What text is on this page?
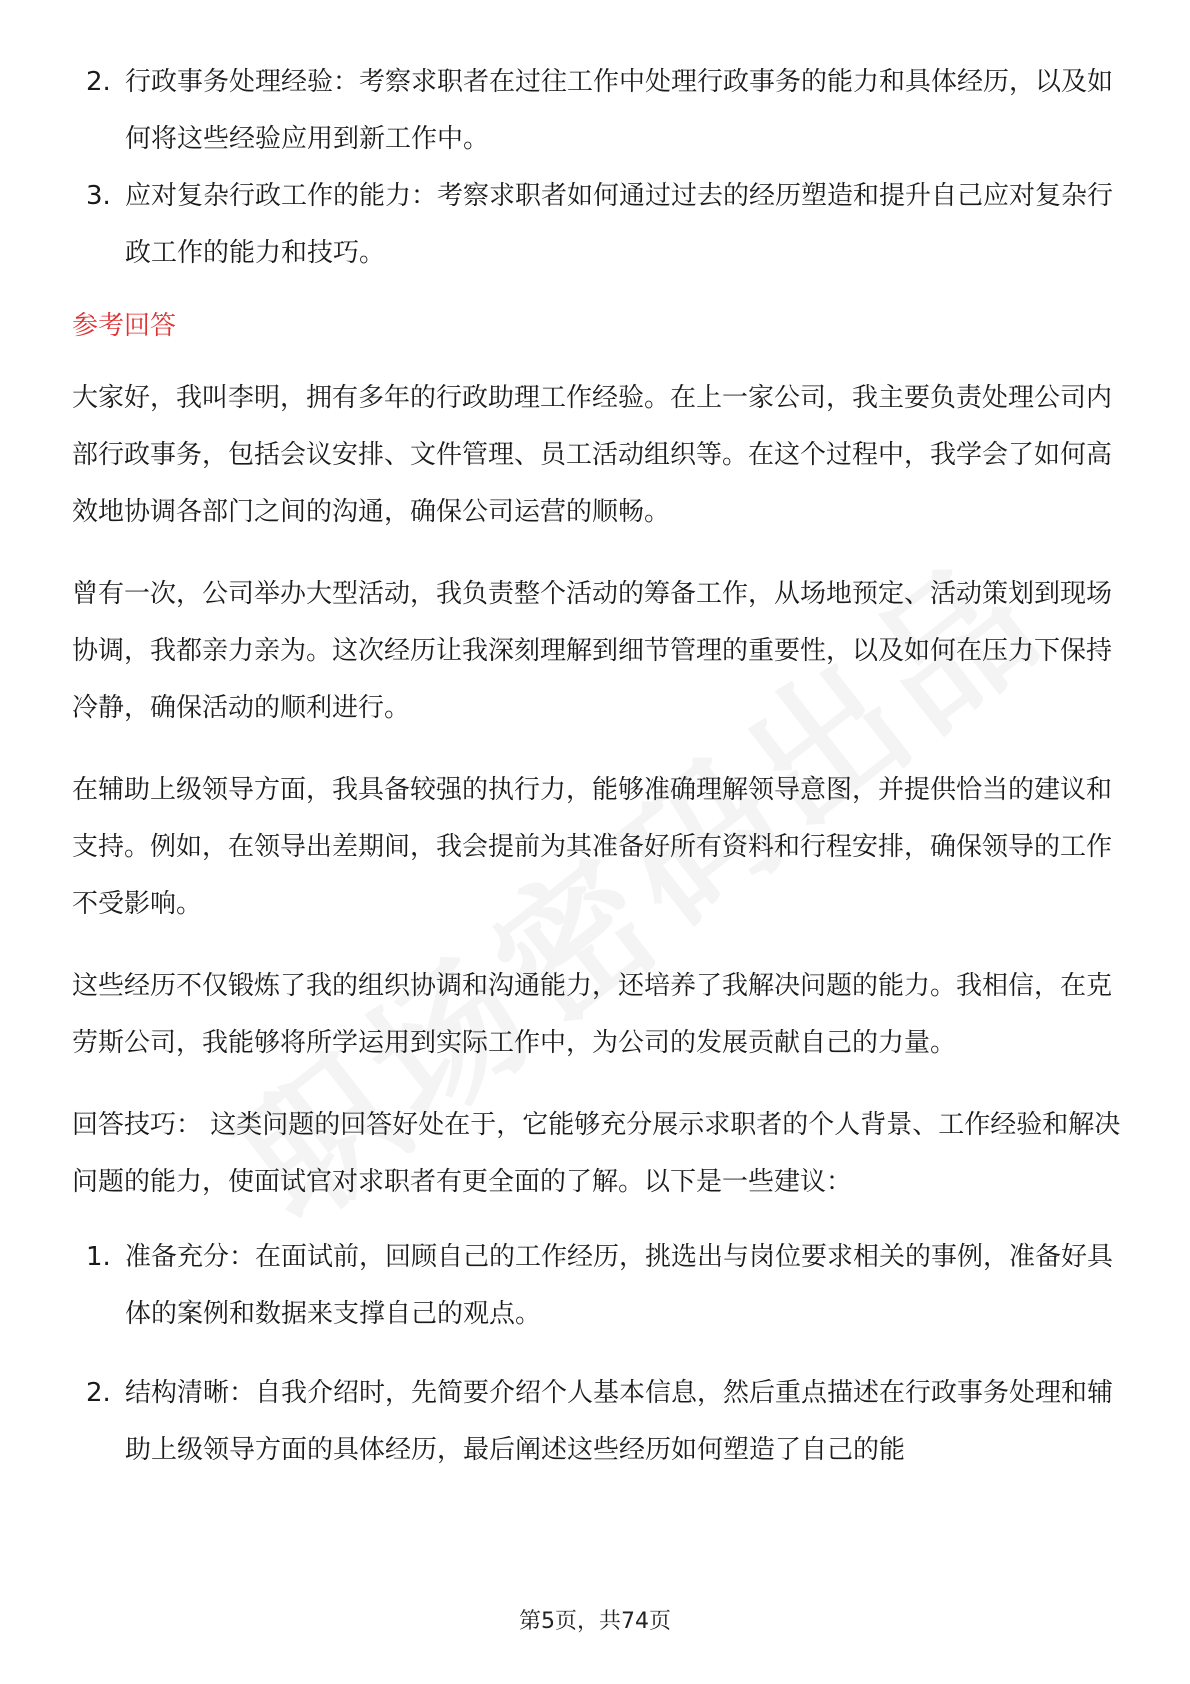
2. 行政事务处理经验：考察求职者在过往工作中处理行政事务的能力和具体经历，以及如何将这些经验应用到新工作中。
3. 应对复杂行政工作的能力：考察求职者如何通过过去的经历塑造和提升自己应对复杂行政工作的能力和技巧。
参考回答

大家好，我叫李明，拥有多年的行政助理工作经验。在上一家公司，我主要负责处理公司内部行政事务，包括会议安排、文件管理、员工活动组织等。在这个过程中，我学会了如何高效地协调各部门之间的沟通，确保公司运营的顺畅。

曾有一次，公司举办大型活动，我负责整个活动的筹备工作，从场地预定、活动策划到现场协调，我都亲力亲为。这次经历让我深刻理解到细节管理的重要性，以及如何在压力下保持冷静，确保活动的顺利进行。

在辅助上级领导方面，我具备较强的执行力，能够准确理解领导意图，并提供恰当的建议和支持。例如，在领导出差期间，我会提前为其准备好所有资料和行程安排，确保领导的工作不受影响。

这些经历不仅锻炼了我的组织协调和沟通能力，还培养了我解决问题的能力。我相信，在克劳斯公司，我能够将所学运用到实际工作中，为公司的发展贡献自己的力量。

回答技巧： 这类问题的回答好处在于，它能够充分展示求职者的个人背景、工作经验和解决问题的能力，使面试官对求职者有更全面的了解。以下是一些建议：

1. 准备充分：在面试前，回顾自己的工作经历，挑选出与岗位要求相关的事例，准备好具体的案例和数据来支撑自己的观点。
2. 结构清晰：自我介绍时，先简要介绍个人基本信息，然后重点描述在行政事务处理和辅助上级领导方面的具体经历，最后阐述这些经历如何塑造了自己的能
第5页，共74页
